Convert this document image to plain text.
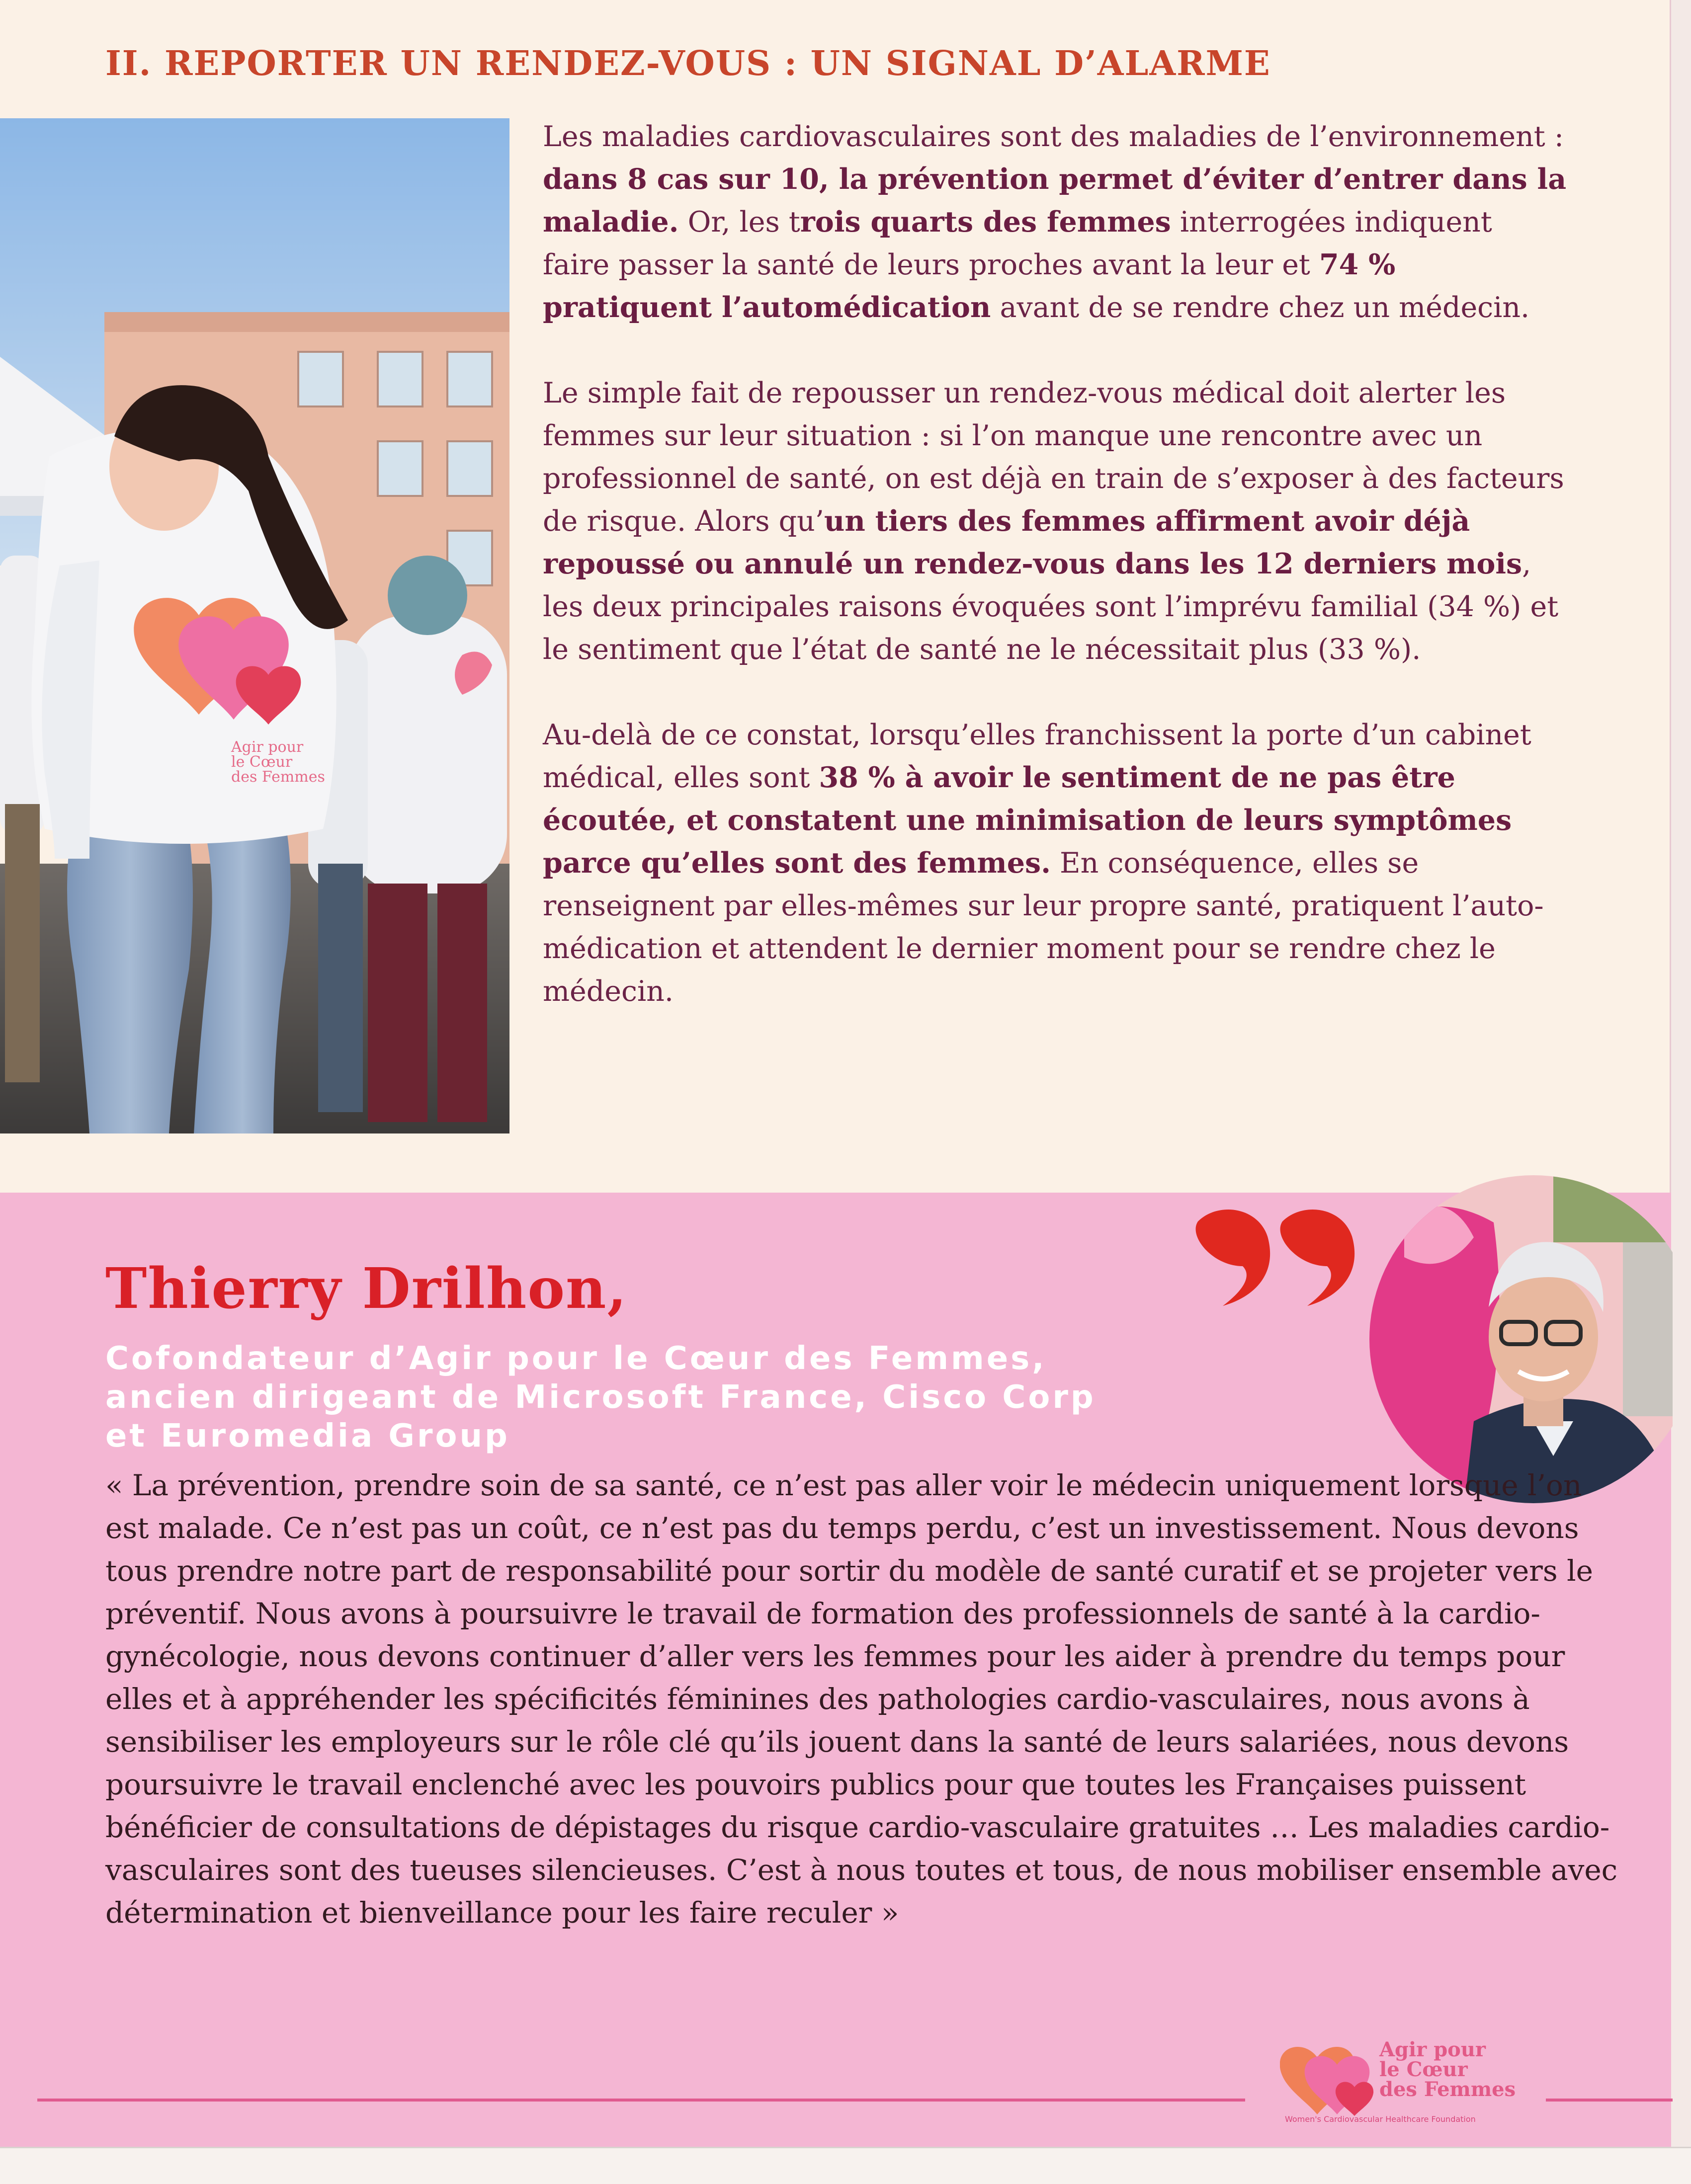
II. REPORTER UN RENDEZ-VOUS : UN SIGNAL D’ALARME
Agir pour
le Cœur
des Femmes

Les maladies cardiovasculaires sont des maladies de l’environnement : dans 8 cas sur 10, la prévention permet d’éviter d’entrer dans la maladie. Or, les trois quarts des femmes interrogées indiquent faire passer la santé de leurs proches avant la leur et 74 % pratiquent l’automédication avant de se rendre chez un médecin.

Le simple fait de repousser un rendez-vous médical doit alerter les femmes sur leur situation : si l’on manque une rencontre avec un professionnel de santé, on est déjà en train de s’exposer à des facteurs de risque. Alors qu’un tiers des femmes affirment avoir déjà repoussé ou annulé un rendez-vous dans les 12 derniers mois, les deux principales raisons évoquées sont l’imprévu familial (34 %) et le sentiment que l’état de santé ne le nécessitait plus (33 %).

Au-delà de ce constat, lorsqu’elles franchissent la porte d’un cabinet médical, elles sont 38 % à avoir le sentiment de ne pas être écoutée, et constatent une minimisation de leurs symptômes parce qu’elles sont des femmes. En conséquence, elles se renseignent par elles-mêmes sur leur propre santé, pratiquent l’auto-médication et attendent le dernier moment pour se rendre chez le médecin.

Thierry Drilhon,

Cofondateur d’Agir pour le Cœur des Femmes,
ancien dirigeant de Microsoft France, Cisco Corp
et Euromedia Group

« La prévention, prendre soin de sa santé, ce n’est pas aller voir le médecin uniquement lorsque l’on est malade. Ce n’est pas un coût, ce n’est pas du temps perdu, c’est un investissement. Nous devons tous prendre notre part de responsabilité pour sortir du modèle de santé curatif et se projeter vers le préventif. Nous avons à poursuivre le travail de formation des professionnels de santé à la cardio-gynécologie, nous devons continuer d’aller vers les femmes pour les aider à prendre du temps pour elles et à appréhender les spécificités féminines des pathologies cardio-vasculaires, nous avons à sensibiliser les employeurs sur le rôle clé qu’ils jouent dans la santé de leurs salariées, nous devons poursuivre le travail enclenché avec les pouvoirs publics pour que toutes les Françaises puissent bénéficier de consultations de dépistages du risque cardio-vasculaire gratuites … Les maladies cardio-vasculaires sont des tueuses silencieuses. C’est à nous toutes et tous, de nous mobiliser ensemble avec détermination et bienveillance pour les faire reculer »

Agir pour
le Cœur
des Femmes

Women's Cardiovascular Healthcare Foundation
